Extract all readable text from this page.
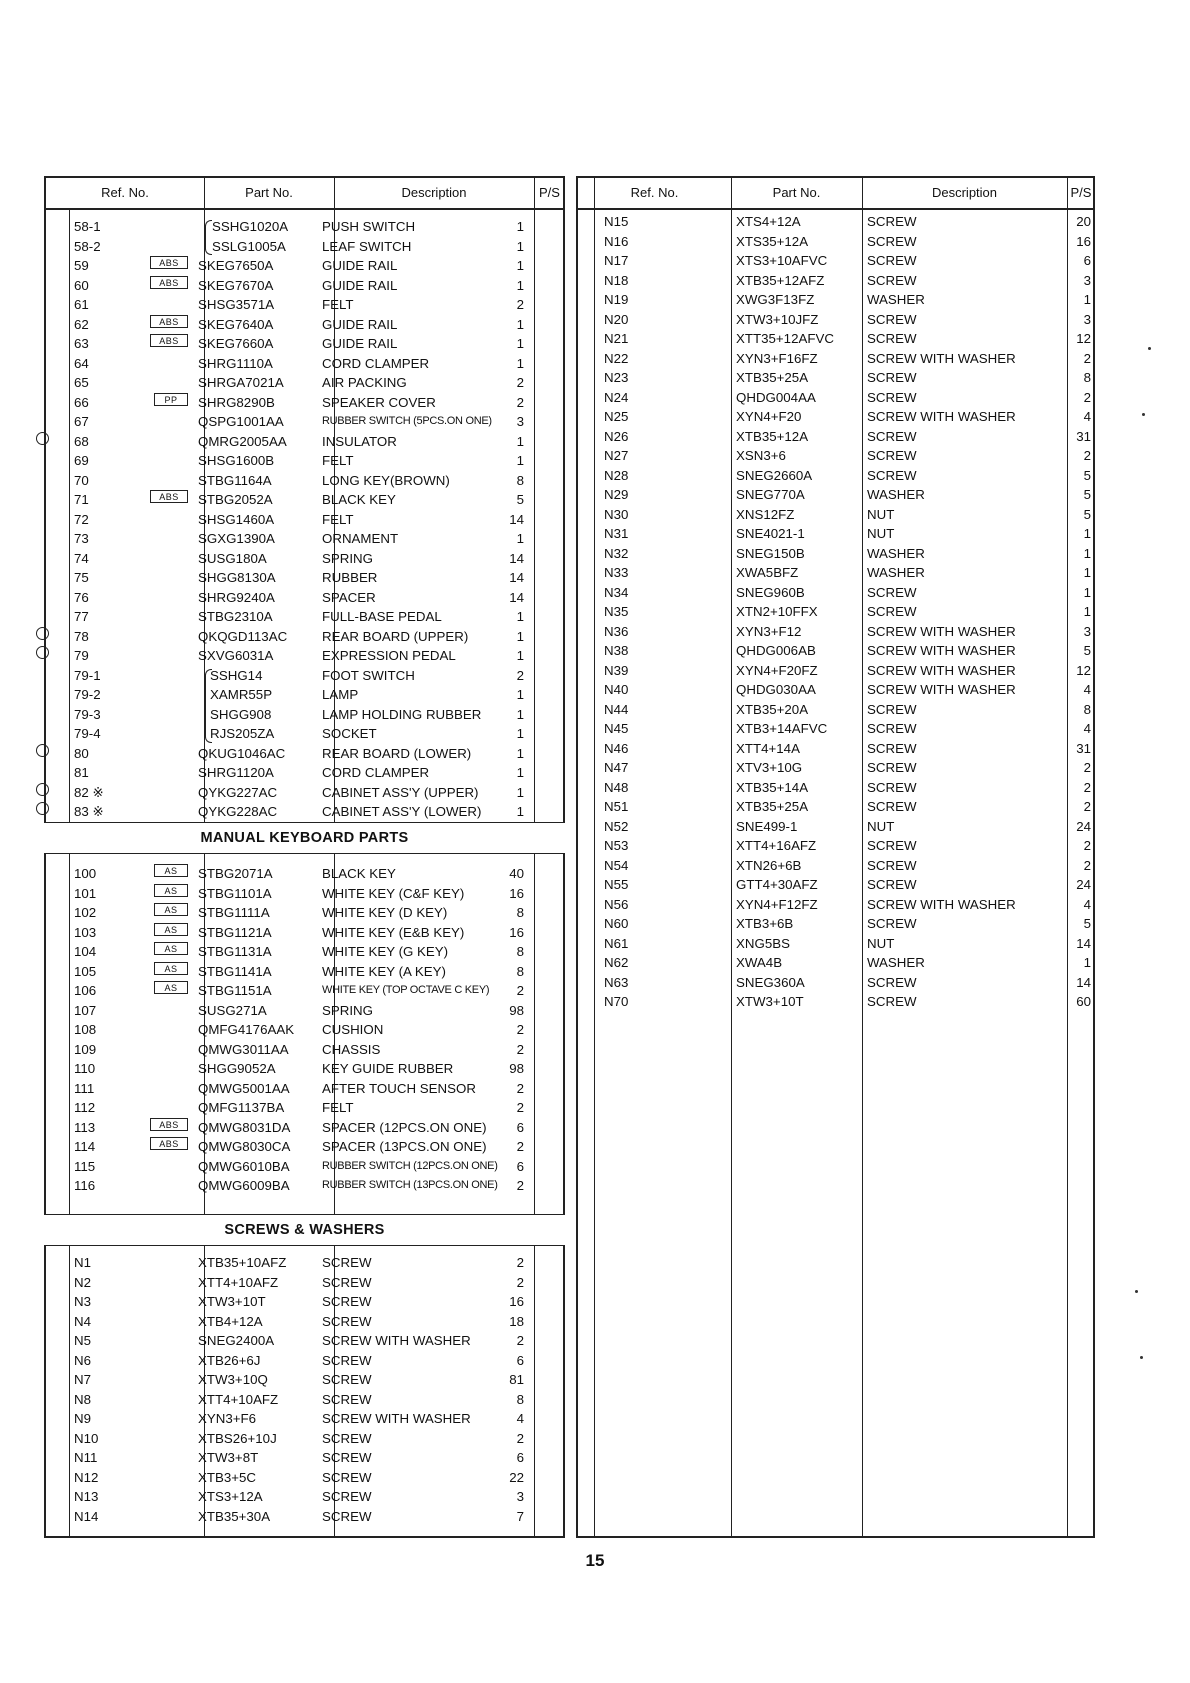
Ref. No.	Part No.	Description	P/S
58-1	SSHG1020A	PUSH SWITCH	1
58-2	SSLG1005A	LEAF SWITCH	1
59	ABS	SKEG7650A	GUIDE RAIL	1
60	ABS	SKEG7670A	GUIDE RAIL	1
61	SHSG3571A	FELT	2
62	ABS	SKEG7640A	GUIDE RAIL	1
63	ABS	SKEG7660A	GUIDE RAIL	1
64	SHRG1110A	CORD CLAMPER	1
65	SHRGA7021A	AIR PACKING	2
66	PP	SHRG8290B	SPEAKER COVER	2
67	QSPG1001AA	RUBBER SWITCH (5PCS.ON ONE)	3
68	QMRG2005AA	INSULATOR	1
69	SHSG1600B	FELT	1
70	STBG1164A	LONG KEY(BROWN)	8
71	ABS	STBG2052A	BLACK KEY	5
72	SHSG1460A	FELT	14
73	SGXG1390A	ORNAMENT	1
74	SUSG180A	SPRING	14
75	SHGG8130A	RUBBER	14
76	SHRG9240A	SPACER	14
77	STBG2310A	FULL-BASE PEDAL	1
78	QKQGD113AC	REAR BOARD (UPPER)	1
79	SXVG6031A	EXPRESSION PEDAL	1
79-1	SSHG14	FOOT SWITCH	2
79-2	XAMR55P	LAMP	1
79-3	SHGG908	LAMP HOLDING RUBBER	1
79-4	RJS205ZA	SOCKET	1
80	QKUG1046AC	REAR BOARD (LOWER)	1
81	SHRG1120A	CORD CLAMPER	1
82 ※	QYKG227AC	CABINET ASS'Y (UPPER)	1
83 ※	QYKG228AC	CABINET ASS'Y (LOWER)	1
MANUAL KEYBOARD PARTS
100	AS	STBG2071A	BLACK KEY	40
101	AS	STBG1101A	WHITE KEY (C&F KEY)	16
102	AS	STBG1111A	WHITE KEY (D KEY)	8
103	AS	STBG1121A	WHITE KEY (E&B KEY)	16
104	AS	STBG1131A	WHITE KEY (G KEY)	8
105	AS	STBG1141A	WHITE KEY (A KEY)	8
106	AS	STBG1151A	WHITE KEY (TOP OCTAVE C KEY)	2
107	SUSG271A	SPRING	98
108	QMFG4176AAK CUSHION	2
109	QMWG3011AA	CHASSIS	2
110	SHGG9052A	KEY GUIDE RUBBER	98
111	QMWG5001AA AFTER TOUCH SENSOR	2
112	QMFG1137BA	FELT	2
113	ABS	QMWG8031DA SPACER (12PCS.ON ONE)	6
114	ABS	QMWG8030CA SPACER (13PCS.ON ONE)	2
115	QMWG6010BA	RUBBER SWITCH (12PCS.ON ONE)	6
116	QMWG6009BA	RUBBER SWITCH (13PCS.ON ONE)	2
SCREWS & WASHERS
N1	XTB35+10AFZ	SCREW	2
N2	XTT4+10AFZ	SCREW	2
N3	XTW3+10T	SCREW	16
N4	XTB4+12A	SCREW	18
N5	SNEG2400A	SCREW WITH WASHER	2
N6	XTB26+6J	SCREW	6
N7	XTW3+10Q	SCREW	81
N8	XTT4+10AFZ	SCREW	8
N9	XYN3+F6	SCREW WITH WASHER	4
N10	XTBS26+10J	SCREW	2
N11	XTW3+8T	SCREW	6
N12	XTB3+5C	SCREW	22
N13	XTS3+12A	SCREW	3
N14	XTB35+30A	SCREW	7
Ref. No.	Part No.	Description	P/S
N15	XTS4+12A	SCREW	20
N16	XTS35+12A	SCREW	16
N17	XTS3+10AFVC	SCREW	6
N18	XTB35+12AFZ	SCREW	3
N19	XWG3F13FZ	WASHER	1
N20	XTW3+10JFZ	SCREW	3
N21	XTT35+12AFVC SCREW	12
N22	XYN3+F16FZ	SCREW WITH WASHER	2
N23	XTB35+25A	SCREW	8
N24	QHDG004AA	SCREW	2
N25	XYN4+F20	SCREW WITH WASHER	4
N26	XTB35+12A	SCREW	31
N27	XSN3+6	SCREW	2
N28	SNEG2660A	SCREW	5
N29	SNEG770A	WASHER	5
N30	XNS12FZ	NUT	5
N31	SNE4021-1	NUT	1
N32	SNEG150B	WASHER	1
N33	XWA5BFZ	WASHER	1
N34	SNEG960B	SCREW	1
N35	XTN2+10FFX	SCREW	1
N36	XYN3+F12	SCREW WITH WASHER	3
N38	QHDG006AB	SCREW WITH WASHER	5
N39	XYN4+F20FZ	SCREW WITH WASHER	12
N40	QHDG030AA	SCREW WITH WASHER	4
N44	XTB35+20A	SCREW	8
N45	XTB3+14AFVC	SCREW	4
N46	XTT4+14A	SCREW	31
N47	XTV3+10G	SCREW	2
N48	XTB35+14A	SCREW	2
N51	XTB35+25A	SCREW	2
N52	SNE499-1	NUT	24
N53	XTT4+16AFZ	SCREW	2
N54	XTN26+6B	SCREW	2
N55	GTT4+30AFZ	SCREW	24
N56	XYN4+F12FZ	SCREW WITH WASHER	4
N60	XTB3+6B	SCREW	5
N61	XNG5BS	NUT	14
N62	XWA4B	WASHER	1
N63	SNEG360A	SCREW	14
N70	XTW3+10T	SCREW	60
15
